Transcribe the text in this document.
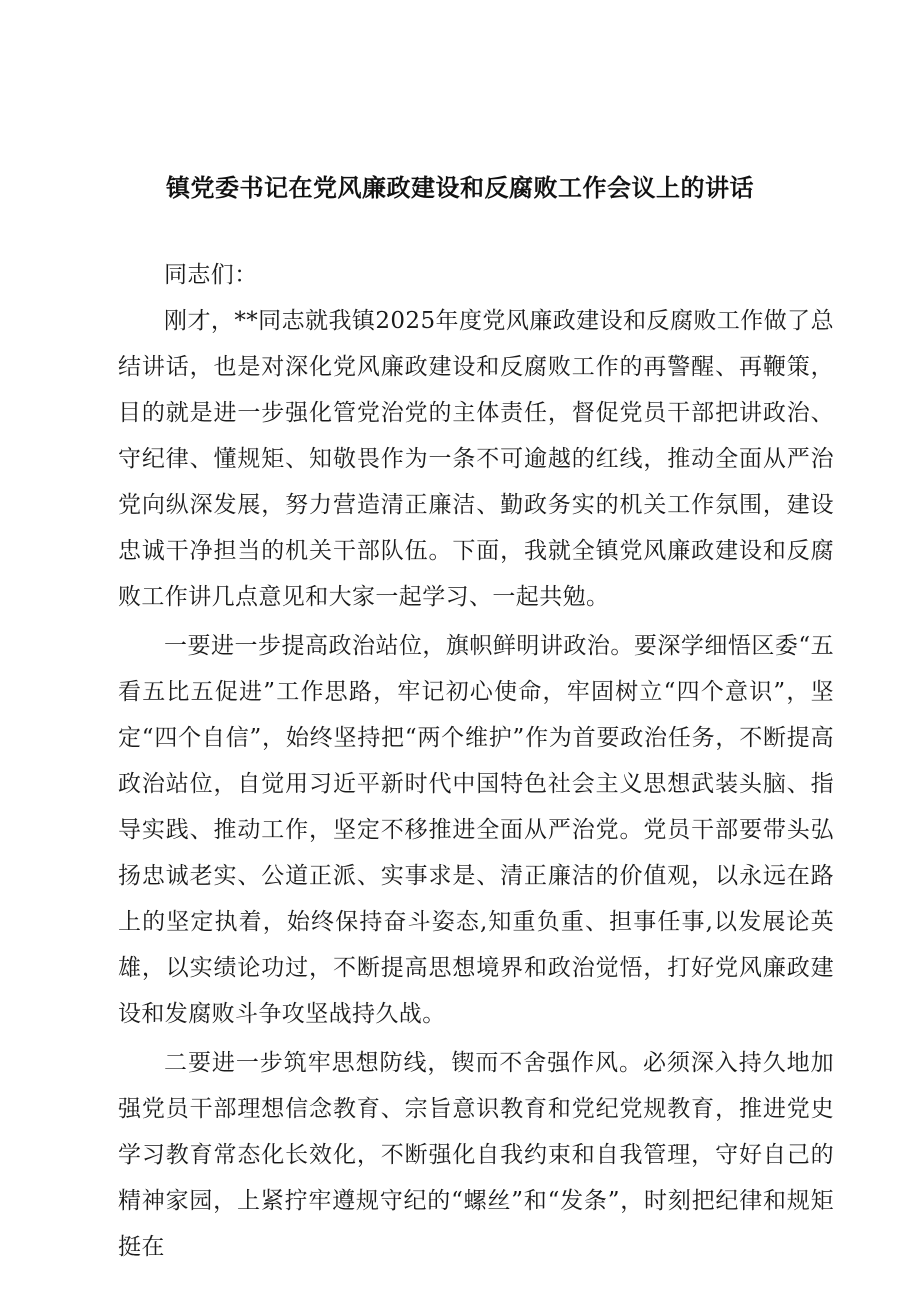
镇党委书记在党风廉政建设和反腐败工作会议上的讲话

同志们：

刚才，**同志就我镇2025年度党风廉政建设和反腐败工作做了总结讲话，也是对深化党风廉政建设和反腐败工作的再警醒、再鞭策，目的就是进一步强化管党治党的主体责任，督促党员干部把讲政治、守纪律、懂规矩、知敬畏作为一条不可逾越的红线，推动全面从严治党向纵深发展，努力营造清正廉洁、勤政务实的机关工作氛围，建设忠诚干净担当的机关干部队伍。下面，我就全镇党风廉政建设和反腐败工作讲几点意见和大家一起学习、一起共勉。

一要进一步提高政治站位，旗帜鲜明讲政治。要深学细悟区委“五看五比五促进”工作思路，牢记初心使命，牢固树立“四个意识”，坚定“四个自信”，始终坚持把“两个维护”作为首要政治任务，不断提高政治站位，自觉用习近平新时代中国特色社会主义思想武装头脑、指导实践、推动工作，坚定不移推进全面从严治党。党员干部要带头弘扬忠诚老实、公道正派、实事求是、清正廉洁的价值观，以永远在路上的坚定执着，始终保持奋斗姿态,知重负重、担事任事,以发展论英雄，以实绩论功过，不断提高思想境界和政治觉悟，打好党风廉政建设和发腐败斗争攻坚战持久战。

二要进一步筑牢思想防线，锲而不舍强作风。必须深入持久地加强党员干部理想信念教育、宗旨意识教育和党纪党规教育，推进党史学习教育常态化长效化，不断强化自我约束和自我管理，守好自己的精神家园，上紧拧牢遵规守纪的“螺丝”和“发条”，时刻把纪律和规矩挺在
